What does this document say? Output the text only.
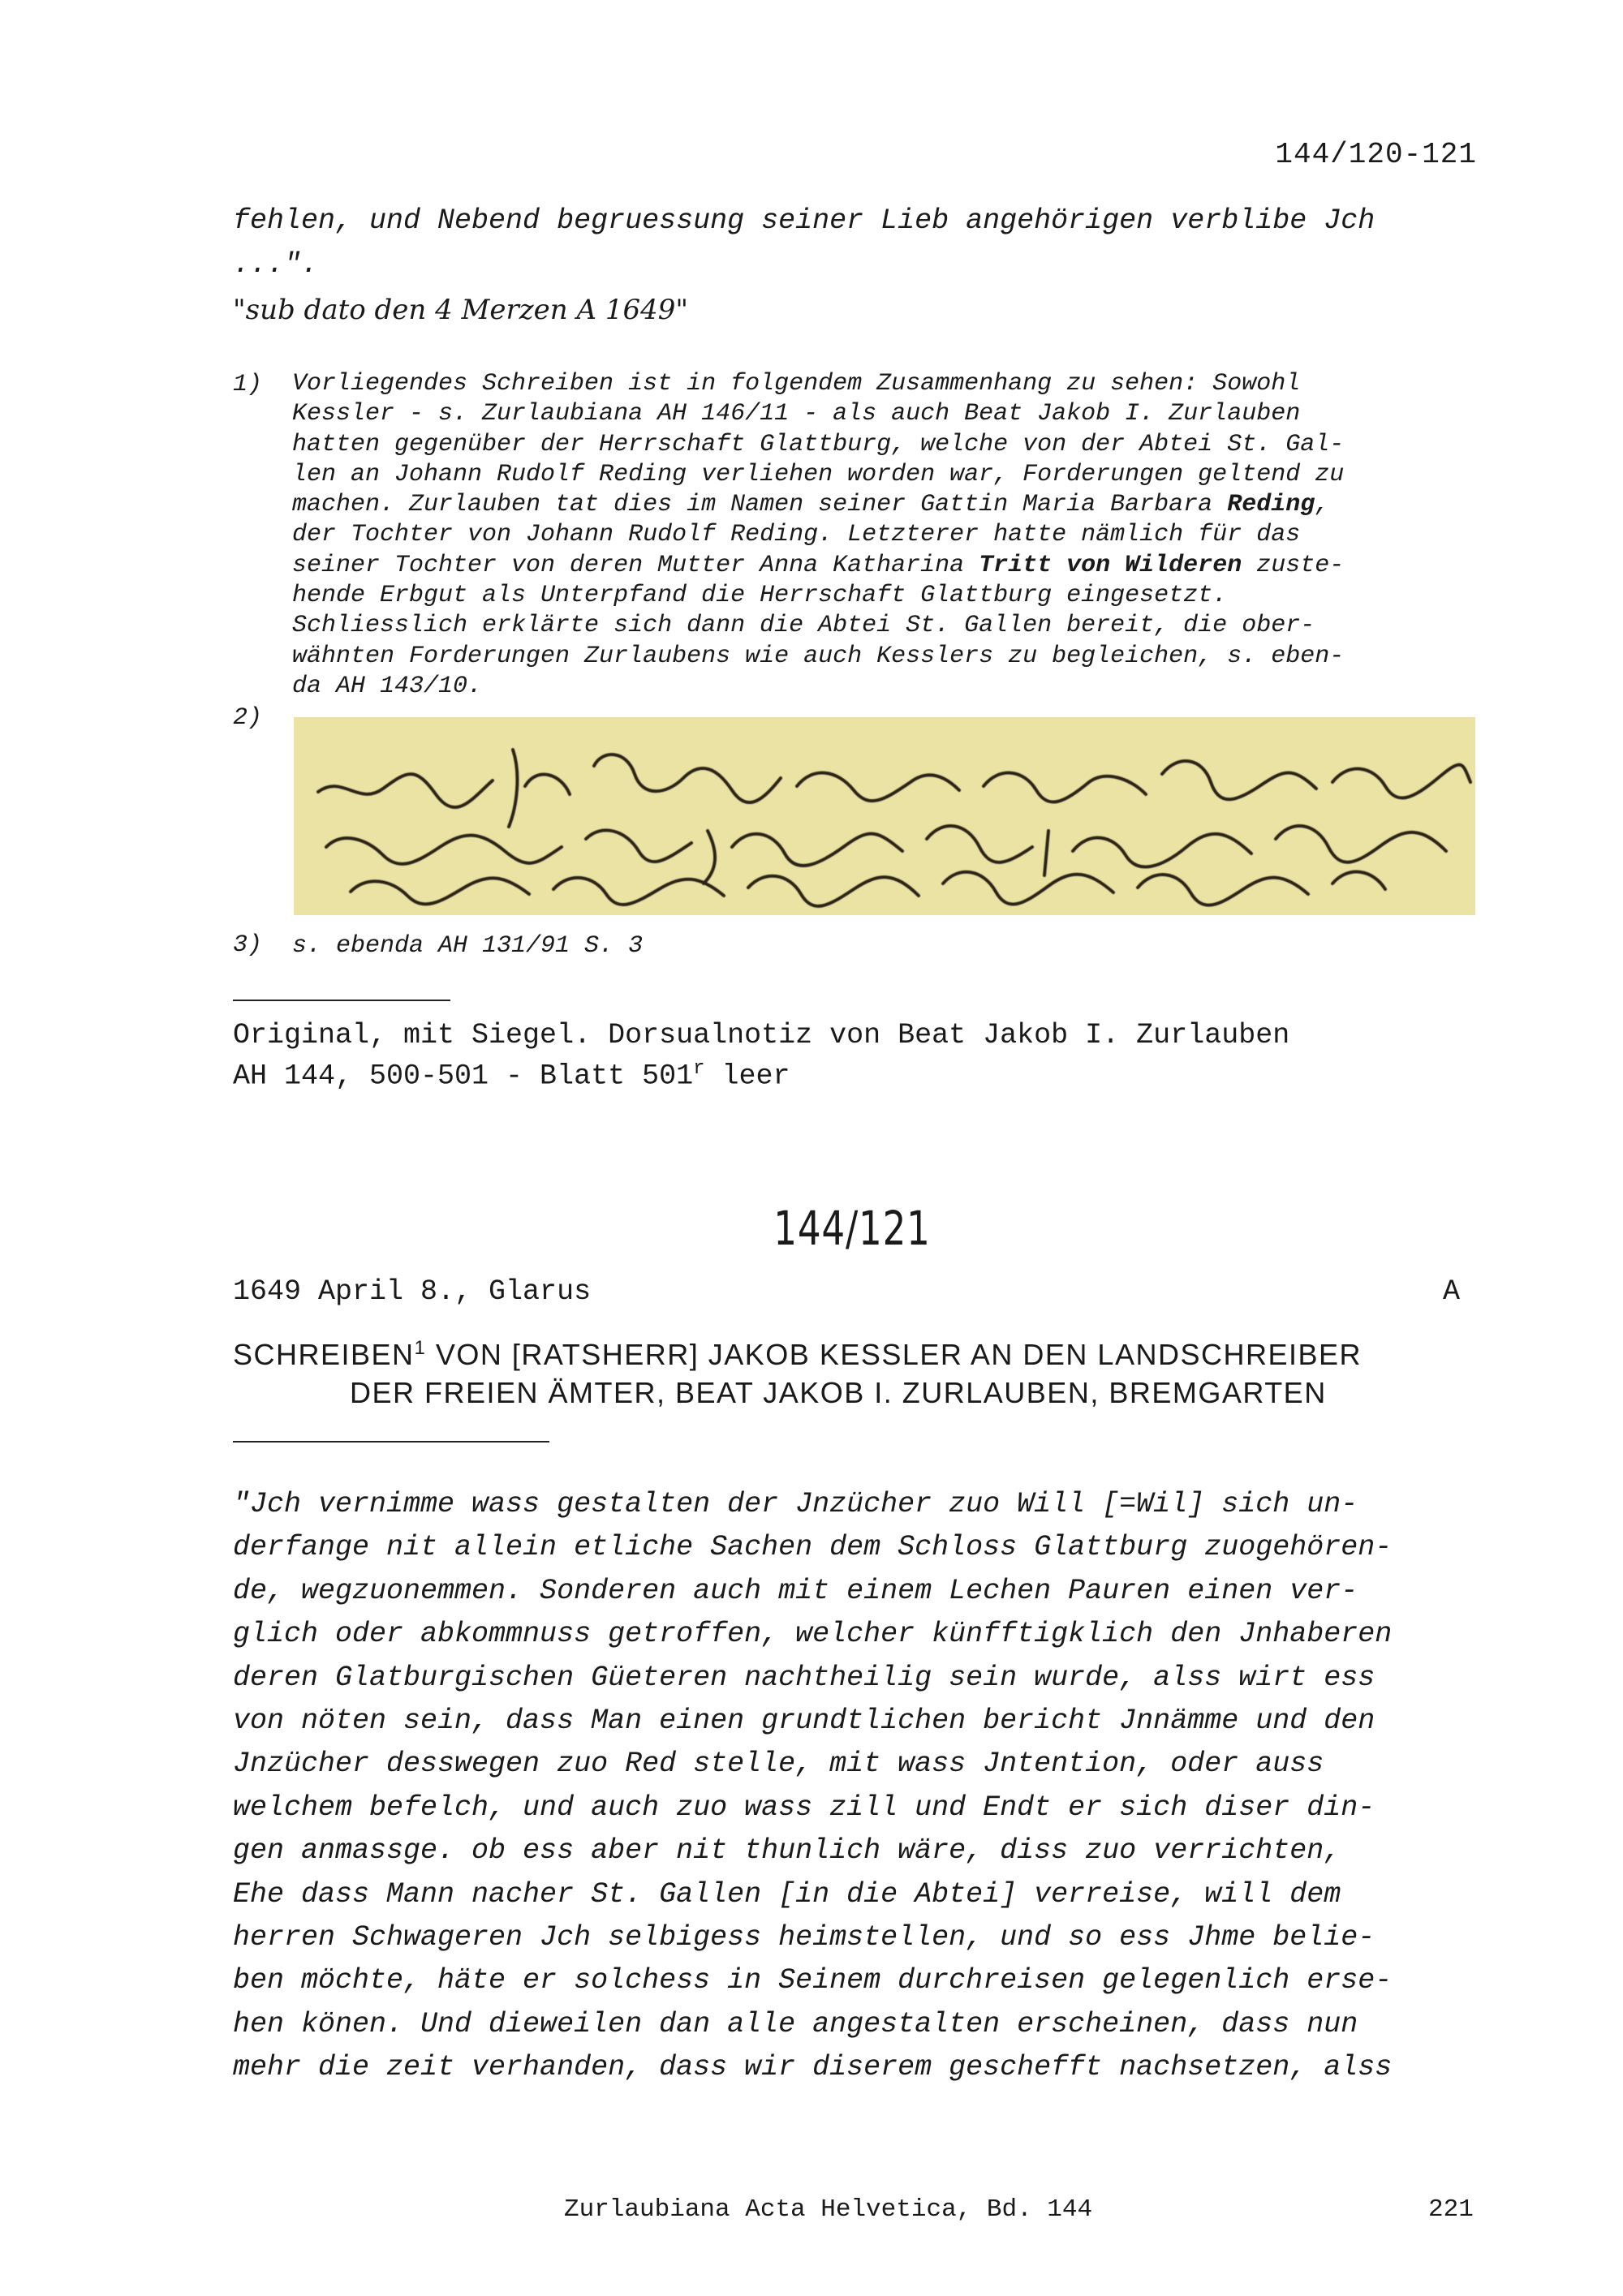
144/120-121
fehlen, und Nebend begruessung seiner Lieb angehörigen verblibe Jch
...".
"sub dato den 4 Merzen A 1649"
1) Vorliegendes Schreiben ist in folgendem Zusammenhang zu sehen: Sowohl
Kessler - s. Zurlaubiana AH 146/11 - als auch Beat Jakob I. Zurlauben
hatten gegenüber der Herrschaft Glattburg, welche von der Abtei St. Gal-
len an Johann Rudolf Reding verliehen worden war, Forderungen geltend zu
machen. Zurlauben tat dies im Namen seiner Gattin Maria Barbara Reding,
der Tochter von Johann Rudolf Reding. Letzterer hatte nämlich für das
seiner Tochter von deren Mutter Anna Katharina Tritt von Wilderen zuste-
hende Erbgut als Unterpfand die Herrschaft Glattburg eingesetzt.
Schliesslich erklärte sich dann die Abtei St. Gallen bereit, die ober-
wähnten Forderungen Zurlaubens wie auch Kesslers zu begleichen, s. eben-
da AH 143/10.
2)
3) s. ebenda AH 131/91 S. 3
Original, mit Siegel. Dorsualnotiz von Beat Jakob I. Zurlauben
AH 144, 500-501 - Blatt 501$^r$ leer
144/121
1649 April 8., Glarus	A
SCHREIBEN$^1$ VON [RATSHERR] JAKOB KESSLER AN DEN LANDSCHREIBER
DER FREIEN ÄMTER, BEAT JAKOB I. ZURLAUBEN, BREMGARTEN
"Jch vernimme wass gestalten der Jnzücher zuo Will [=Wil] sich un-
derfange nit allein etliche Sachen dem Schloss Glattburg zuogehören-
de, wegzuonemmen. Sonderen auch mit einem Lechen Pauren einen ver-
glich oder abkommnuss getroffen, welcher künfftigklich den Jnhaberen
deren Glatburgischen Güeteren nachtheilig sein wurde, alss wirt ess
von nöten sein, dass Man einen grundtlichen bericht Jnnämme und den
Jnzücher desswegen zuo Red stelle, mit wass Jntention, oder auss
welchem befelch, und auch zuo wass zill und Endt er sich diser din-
gen anmassge. ob ess aber nit thunlich wäre, diss zuo verrichten,
Ehe dass Mann nacher St. Gallen [in die Abtei] verreise, will dem
herren Schwageren Jch selbigess heimstellen, und so ess Jhme belie-
ben möchte, häte er solchess in Seinem durchreisen gelegenlich erse-
hen könen. Und dieweilen dan alle angestalten erscheinen, dass nun
mehr die zeit verhanden, dass wir diserem geschefft nachsetzen, alss
Zurlaubiana Acta Helvetica, Bd. 144	221
